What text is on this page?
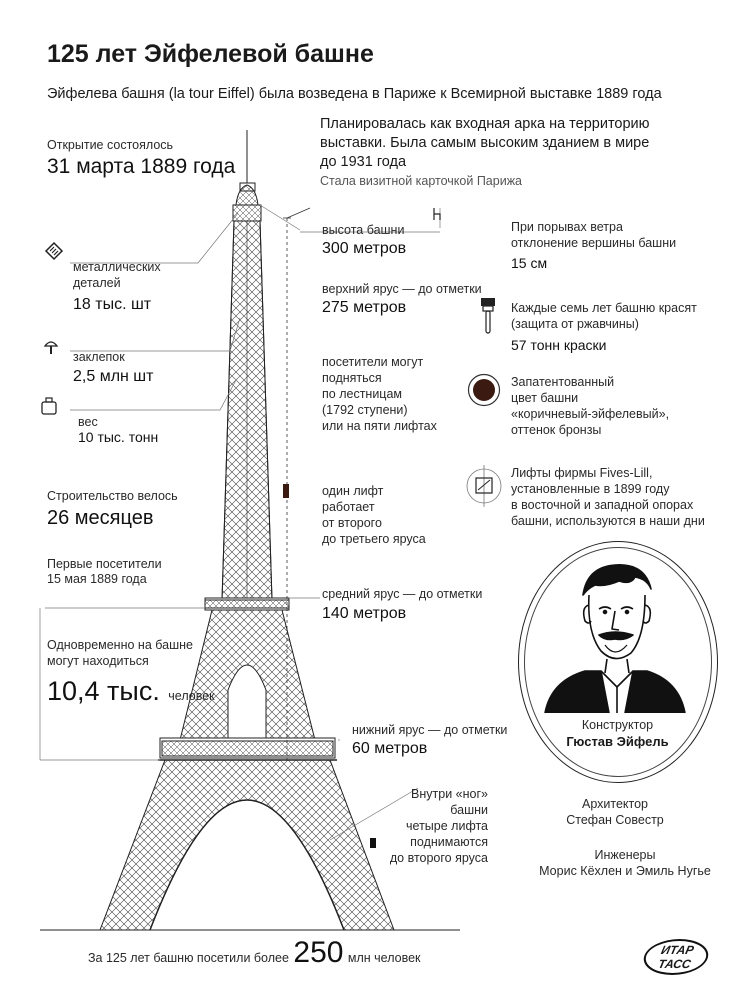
125 лет Эйфелевой башне
Эйфелева башня (la tour Eiffel) была возведена в Париже к Всемирной выставке 1889 года
Планировалась как входная арка на территорию
выставки. Была самым высоким зданием в мире
до 1931 года
Стала визитной карточкой Парижа
Открытие состоялось
31 марта 1889 года
металлических
деталей
18 тыс. шт
заклепок
2,5 млн шт
вес
10 тыс. тонн
Строительство велось
26 месяцев
Первые посетители
15 мая 1889 года
Одновременно на башне
могут находиться
10,4 тыс. человек
высота башни
300 метров
верхний ярус — до отметки
275 метров
посетители могут
подняться
по лестницам
(1792 ступени)
или на пяти лифтах
один лифт
работает
от второго
до третьего яруса
средний ярус — до отметки
140 метров
нижний ярус — до отметки
60 метров
Внутри «ног» башни
четыре лифта
поднимаются
до второго яруса
При порывах ветра
отклонение вершины башни
15 см
Каждые семь лет башню красят
(защита от ржавчины)
57 тонн краски
Запатентованный
цвет башни
«коричневый-эйфелевый»,
оттенок бронзы
Лифты фирмы Fives-Lill,
установленные в 1899 году
в восточной и западной опорах
башни, используются в наши дни
Конструктор
Гюстав Эйфель
Архитектор
Стефан Совестр
Инженеры
Морис Кёхлен и Эмиль Нугье
За 125 лет башню посетили более 250 млн человек
ИТАР
ТАСС
